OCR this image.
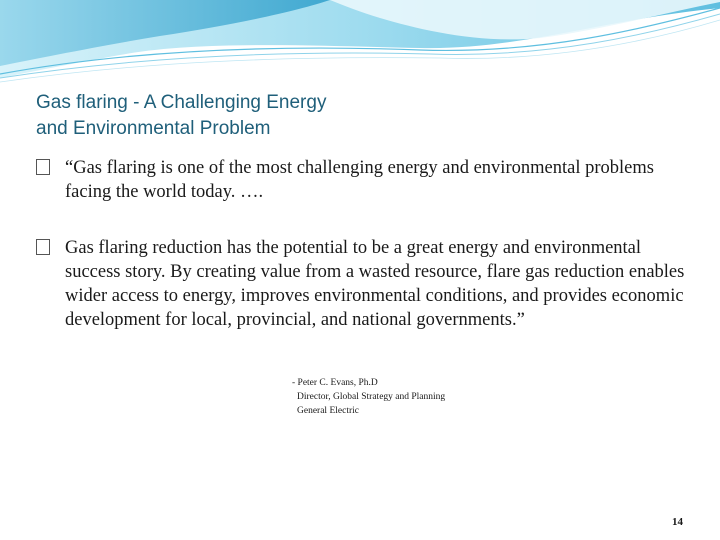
Gas flaring - A Challenging Energy
and Environmental Problem

“Gas flaring is one of the most challenging energy and environmental problems facing the world today. ….

Gas flaring reduction has the potential to be a great energy and environmental success story. By creating value from a wasted resource, flare gas reduction enables wider access to energy, improves environmental conditions, and provides economic development for local, provincial, and national governments.”

- Peter C. Evans, Ph.D
Director, Global Strategy and Planning
General Electric
14
